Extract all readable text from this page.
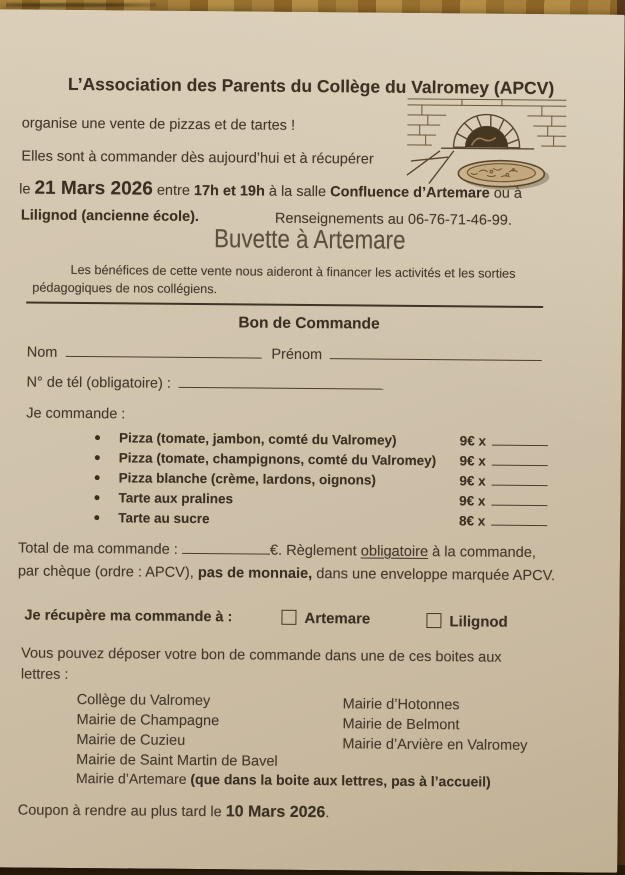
L’Association des Parents du Collège du Valromey (APCV)
organise une vente de pizzas et de tartes !
Elles sont à commander dès aujourd’hui et à récupérer
le 21 Mars 2026 entre 17h et 19h à la salle Confluence d’Artemare ou à
Lilignod (ancienne école).	Renseignements au 06-76-71-46-99.
Buvette à Artemare
Les bénéfices de cette vente nous aideront à financer les activités et les sorties pédagogiques de nos collégiens.
Bon de Commande
Nom	Prénom
N° de tél (obligatoire) :
Je commande :
Pizza (tomate, jambon, comté du Valromey)	9€ x
Pizza (tomate, champignons, comté du Valromey)	9€ x
Pizza blanche (crème, lardons, oignons)	9€ x
Tarte aux pralines	9€ x
Tarte au sucre	8€ x
Total de ma commande :	€. Règlement obligatoire à la commande,
par chèque (ordre : APCV), pas de monnaie, dans une enveloppe marquée APCV.
Je récupère ma commande à :	Artemare	Lilignod
Vous pouvez déposer votre bon de commande dans une de ces boites aux lettres :
Collège du Valromey
Mairie de Champagne
Mairie de Cuzieu
Mairie de Saint Martin de Bavel
Mairie d’Hotonnes
Mairie de Belmont
Mairie d’Arvière en Valromey
Mairie d’Artemare (que dans la boite aux lettres, pas à l’accueil)
Coupon à rendre au plus tard le 10 Mars 2026.
